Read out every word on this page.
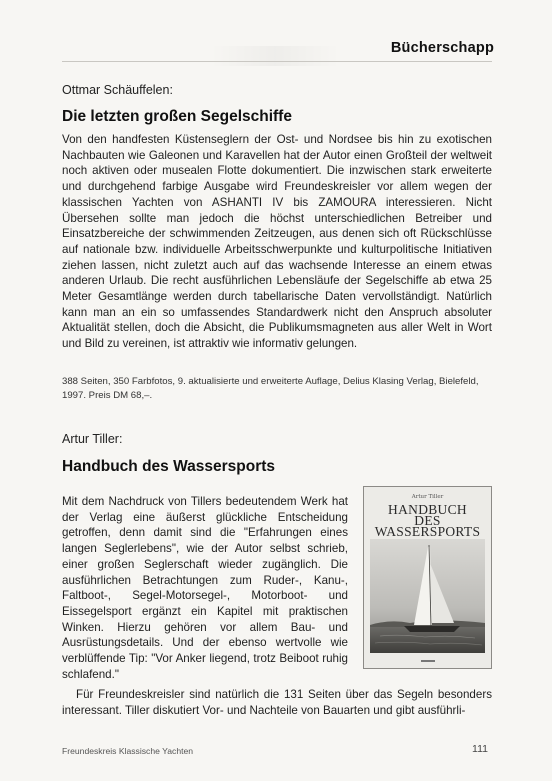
Bücherschapp
Ottmar Schäuffelen:
Die letzten großen Segelschiffe

Von den handfesten Küstenseglern der Ost- und Nordsee bis hin zu exotischen Nachbauten wie Galeonen und Karavellen hat der Autor einen Großteil der weltweit noch aktiven oder musealen Flotte dokumentiert. Die inzwischen stark erweiterte und durchgehend farbige Ausgabe wird Freundeskreisler vor allem wegen der klassischen Yachten von ASHANTI IV bis ZAMOURA interessieren. Nicht Übersehen sollte man jedoch die höchst unterschiedlichen Betreiber und Einsatzbereiche der schwimmenden Zeitzeugen, aus denen sich oft Rückschlüsse auf nationale bzw. individuelle Arbeitsschwerpunkte und kulturpolitische Initiativen ziehen lassen, nicht zuletzt auch auf das wachsende Interesse an einem etwas anderen Urlaub. Die recht ausführlichen Lebensläufe der Segelschiffe ab etwa 25 Meter Gesamtlänge werden durch tabellarische Daten vervollständigt. Natürlich kann man an ein so umfassendes Standardwerk nicht den Anspruch absoluter Aktualität stellen, doch die Absicht, die Publikumsmagneten aus aller Welt in Wort und Bild zu vereinen, ist attraktiv wie informativ gelungen.

388 Seiten, 350 Farbfotos, 9. aktualisierte und erweiterte Auflage, Delius Klasing Verlag, Bielefeld, 1997. Preis DM 68,–.

Artur Tiller:
Handbuch des Wassersports

Mit dem Nachdruck von Tillers bedeutendem Werk hat der Verlag eine äußerst glückliche Entscheidung getroffen, denn damit sind die "Erfahrungen eines langen Seglerlebens", wie der Autor selbst schrieb, einer großen Seglerschaft wieder zugänglich. Die ausführlichen Betrachtungen zum Ruder-, Kanu-, Faltboot-, Segel-Motorsegel-, Motorboot- und Eissegelsport ergänzt ein Kapitel mit praktischen Winken. Hierzu gehören vor allem Bau- und Ausrüstungsdetails. Und der ebenso wertvolle wie verblüffende Tip: "Vor Anker liegend, trotz Beiboot ruhig schlafend."

Artur Tiller
HANDBUCH
DES
WASSERSPORTS

Für Freundeskreisler sind natürlich die 131 Seiten über das Segeln besonders interessant. Tiller diskutiert Vor- und Nachteile von Bauarten und gibt ausführli-

Freundeskreis Klassische Yachten	111
